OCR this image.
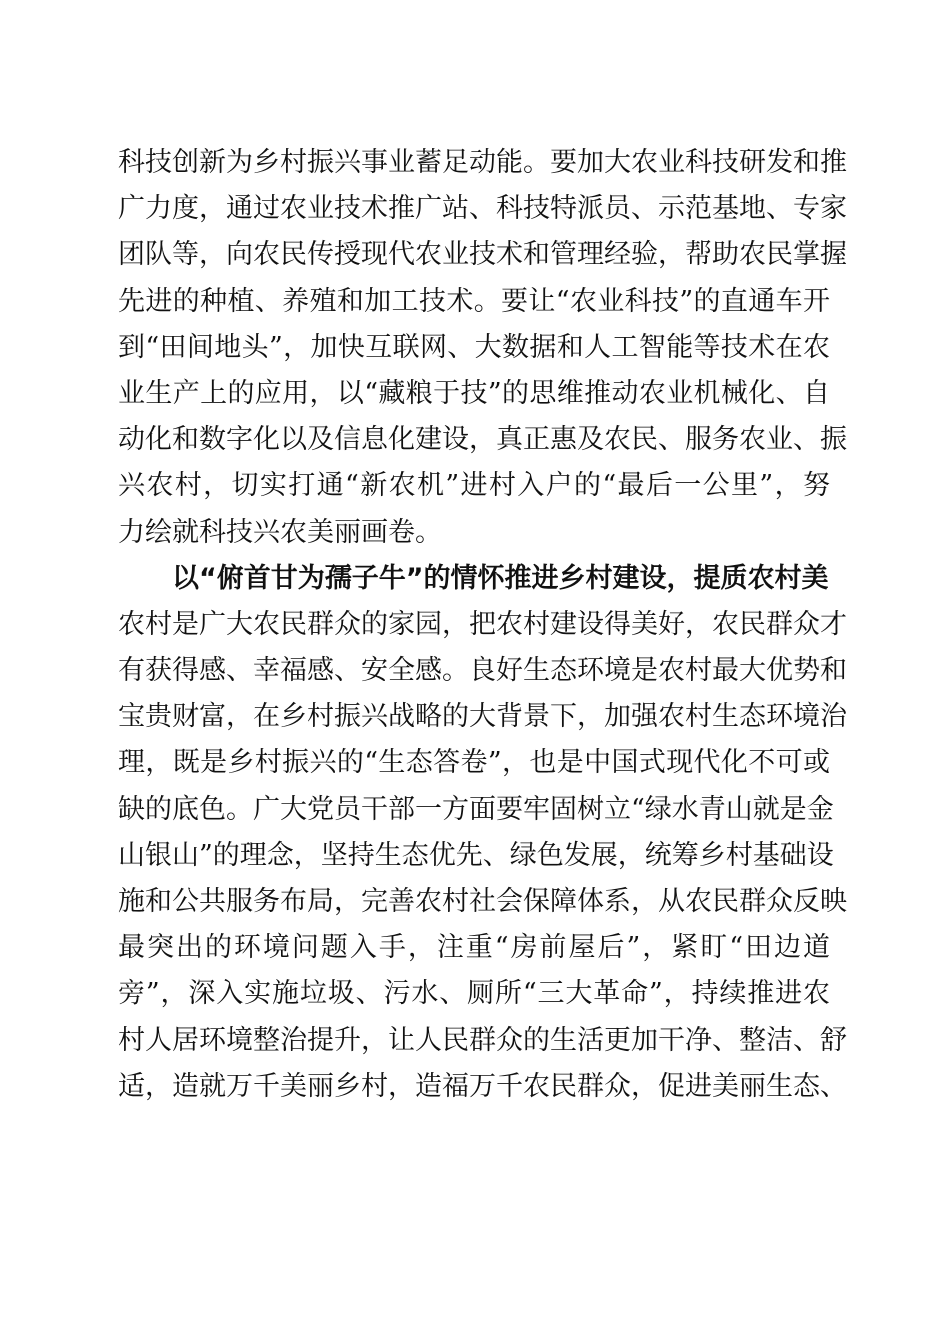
科技创新为乡村振兴事业蓄足动能。要加大农业科技研发和推
广力度，通过农业技术推广站、科技特派员、示范基地、专家
团队等，向农民传授现代农业技术和管理经验，帮助农民掌握
先进的种植、养殖和加工技术。要让“农业科技”的直通车开
到“田间地头”，加快互联网、大数据和人工智能等技术在农
业生产上的应用，以“藏粮于技”的思维推动农业机械化、自
动化和数字化以及信息化建设，真正惠及农民、服务农业、振
兴农村，切实打通“新农机”进村入户的“最后一公里”，努
力绘就科技兴农美丽画卷。
以“俯首甘为孺子牛”的情怀推进乡村建设，提质农村美
农村是广大农民群众的家园，把农村建设得美好，农民群众才
有获得感、幸福感、安全感。良好生态环境是农村最大优势和
宝贵财富，在乡村振兴战略的大背景下，加强农村生态环境治
理，既是乡村振兴的“生态答卷”，也是中国式现代化不可或
缺的底色。广大党员干部一方面要牢固树立“绿水青山就是金
山银山”的理念，坚持生态优先、绿色发展，统筹乡村基础设
施和公共服务布局，完善农村社会保障体系，从农民群众反映
最突出的环境问题入手，注重“房前屋后”，紧盯“田边道
旁”，深入实施垃圾、污水、厕所“三大革命”，持续推进农
村人居环境整治提升，让人民群众的生活更加干净、整洁、舒
适，造就万千美丽乡村，造福万千农民群众，促进美丽生态、
